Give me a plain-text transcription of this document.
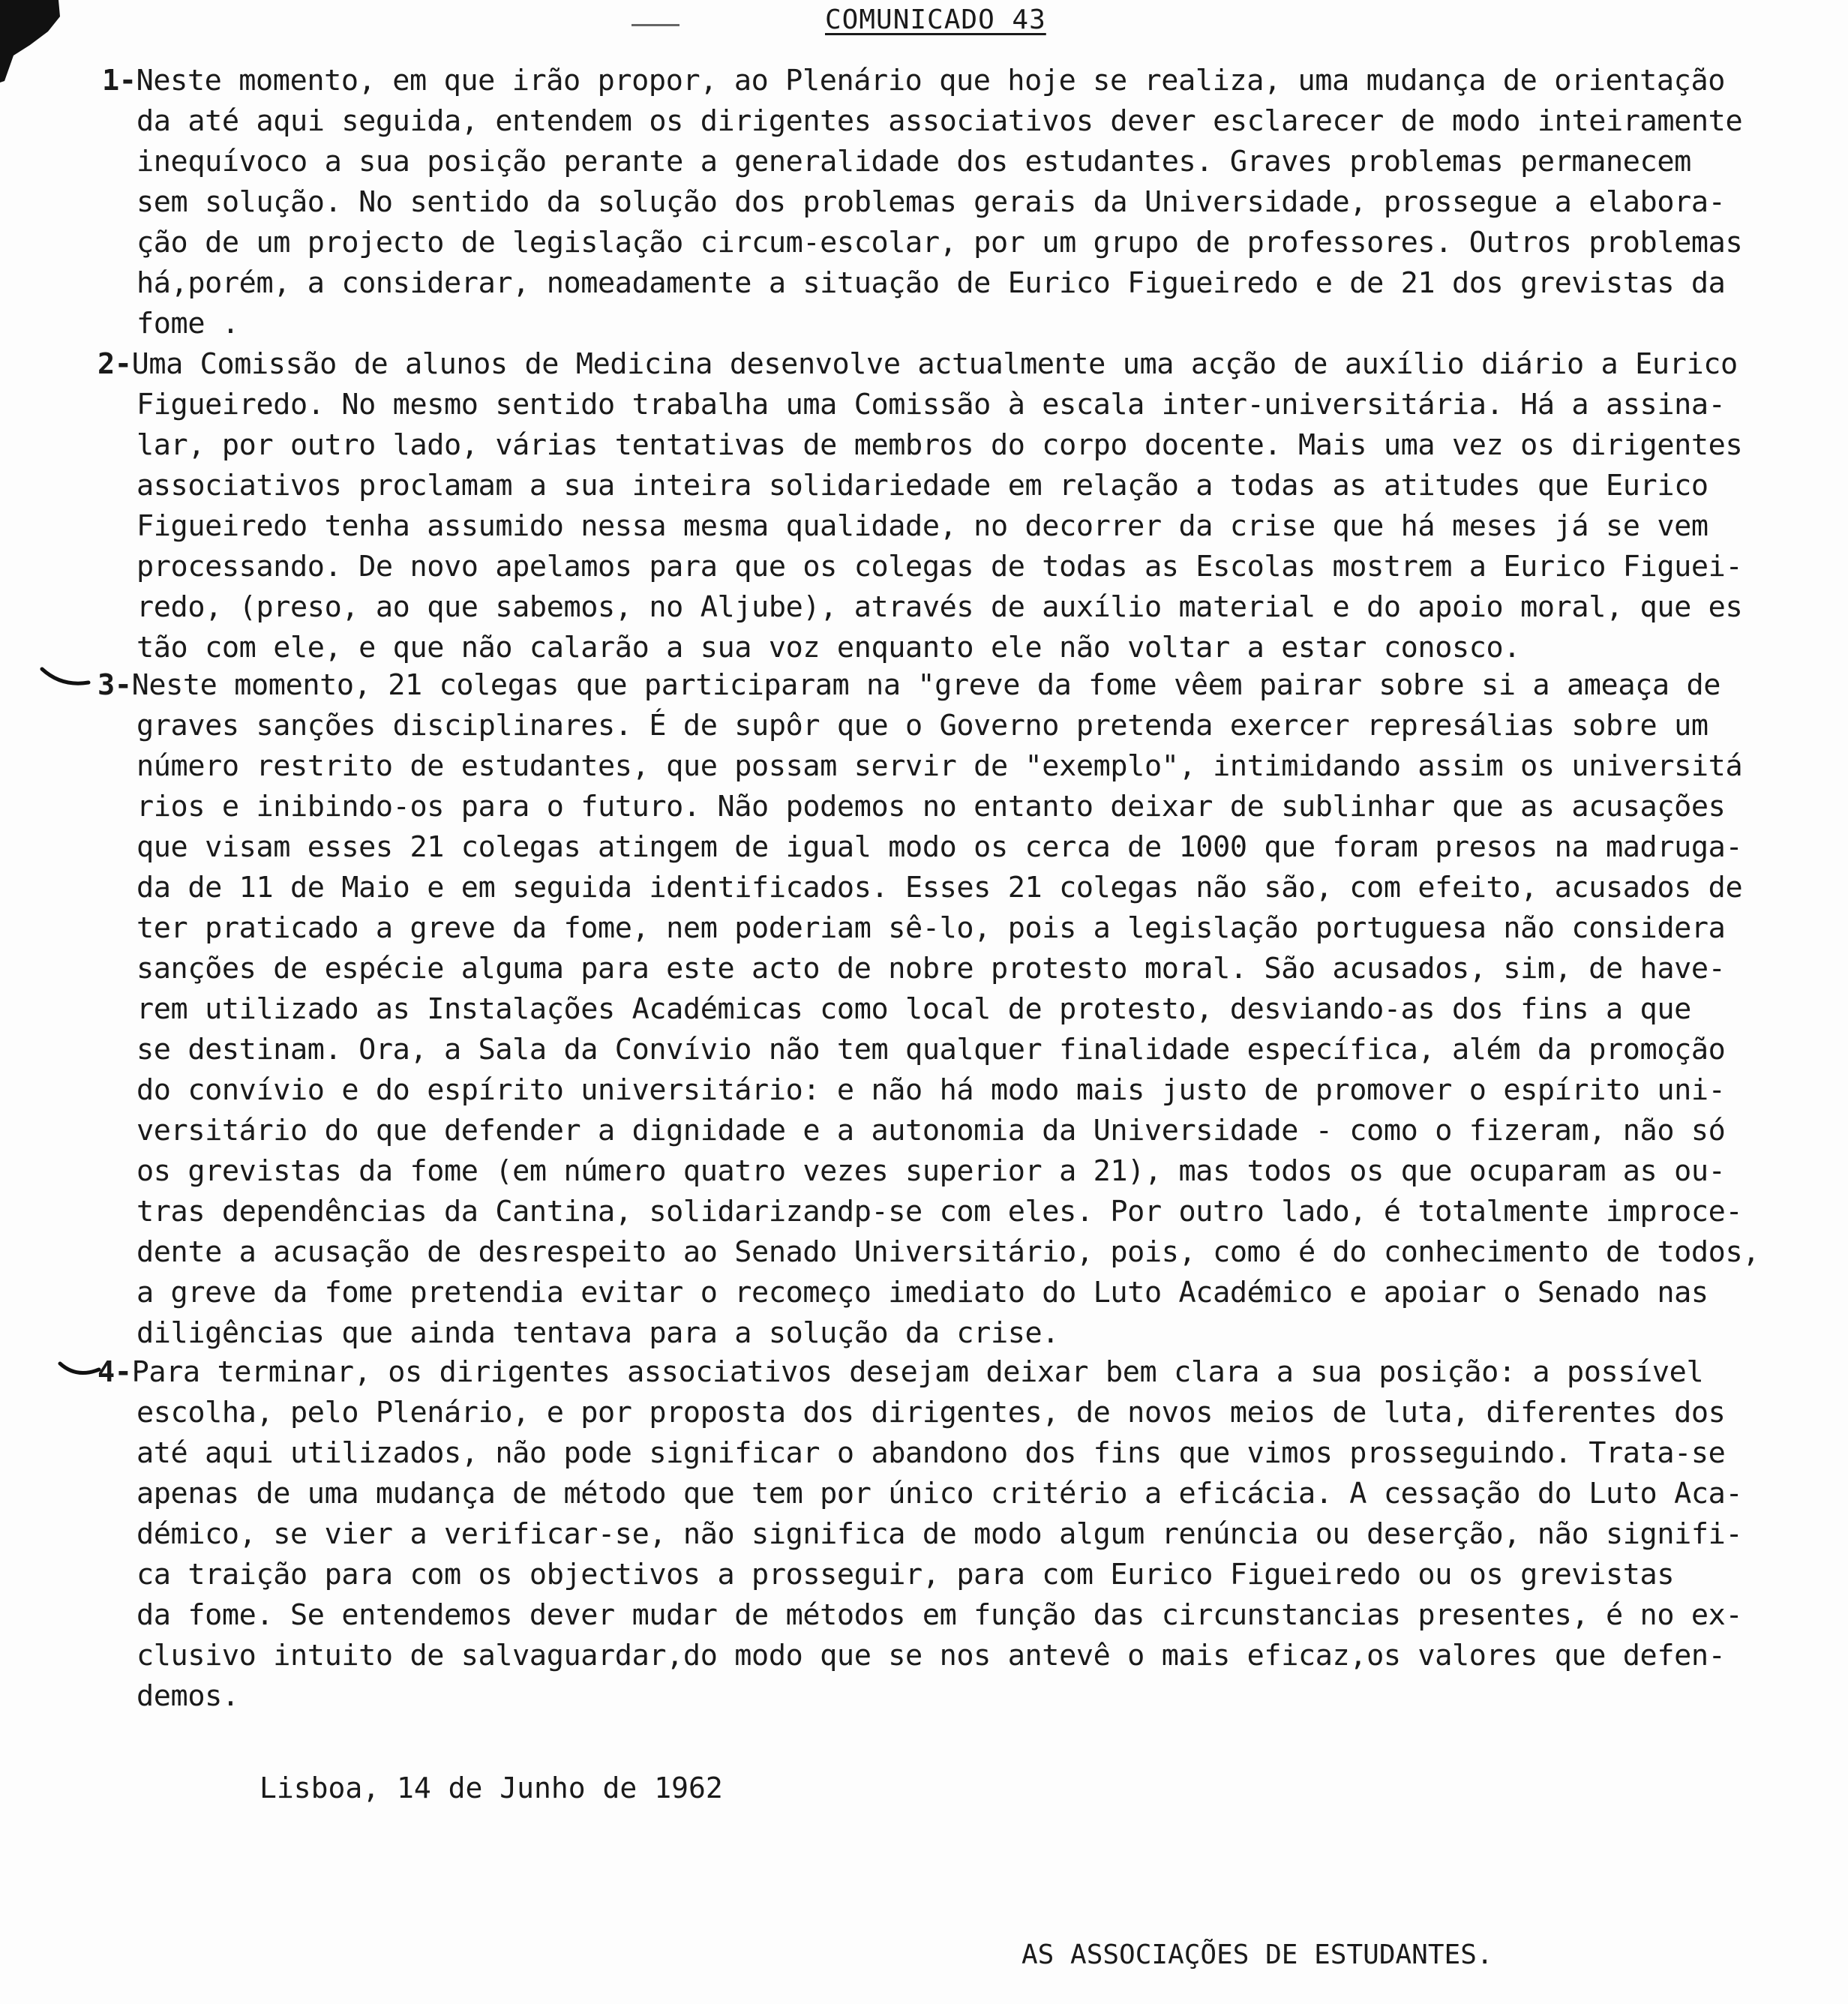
COMUNICADO 43
1-Neste momento, em que irão propor, ao Plenário que hoje se realiza, uma mudança de orientação
da até aqui seguida, entendem os dirigentes associativos dever esclarecer de modo inteiramente
inequívoco a sua posição perante a generalidade dos estudantes. Graves problemas permanecem
sem solução. No sentido da solução dos problemas gerais da Universidade, prossegue a elabora-
ção de um projecto de legislação circum-escolar, por um grupo de professores. Outros problemas
há,porém, a considerar, nomeadamente a situação de Eurico Figueiredo e de 21 dos grevistas da
fome .
2-Uma Comissão de alunos de Medicina desenvolve actualmente uma acção de auxílio diário a Eurico
Figueiredo. No mesmo sentido trabalha uma Comissão à escala inter-universitária. Há a assina-
lar, por outro lado, várias tentativas de membros do corpo docente. Mais uma vez os dirigentes
associativos proclamam a sua inteira solidariedade em relação a todas as atitudes que Eurico
Figueiredo tenha assumido nessa mesma qualidade, no decorrer da crise que há meses já se vem
processando. De novo apelamos para que os colegas de todas as Escolas mostrem a Eurico Figuei-
redo, (preso, ao que sabemos, no Aljube), através de auxílio material e do apoio moral, que es
tão com ele, e que não calarão a sua voz enquanto ele não voltar a estar conosco.
3-Neste momento, 21 colegas que participaram na "greve da fome vêem pairar sobre si a ameaça de
graves sanções disciplinares. É de supôr que o Governo pretenda exercer represálias sobre um
número restrito de estudantes, que possam servir de "exemplo", intimidando assim os universitá
rios e inibindo-os para o futuro. Não podemos no entanto deixar de sublinhar que as acusações
que visam esses 21 colegas atingem de igual modo os cerca de 1000 que foram presos na madruga-
da de 11 de Maio e em seguida identificados. Esses 21 colegas não são, com efeito, acusados de
ter praticado a greve da fome, nem poderiam sê-lo, pois a legislação portuguesa não considera
sanções de espécie alguma para este acto de nobre protesto moral. São acusados, sim, de have-
rem utilizado as Instalações Académicas como local de protesto, desviando-as dos fins a que
se destinam. Ora, a Sala da Convívio não tem qualquer finalidade específica, além da promoção
do convívio e do espírito universitário: e não há modo mais justo de promover o espírito uni-
versitário do que defender a dignidade e a autonomia da Universidade - como o fizeram, não só
os grevistas da fome (em número quatro vezes superior a 21), mas todos os que ocuparam as ou-
tras dependências da Cantina, solidarizandp-se com eles. Por outro lado, é totalmente improce-
dente a acusação de desrespeito ao Senado Universitário, pois, como é do conhecimento de todos,
a greve da fome pretendia evitar o recomeço imediato do Luto Académico e apoiar o Senado nas
diligências que ainda tentava para a solução da crise.
4-Para terminar, os dirigentes associativos desejam deixar bem clara a sua posição: a possível
escolha, pelo Plenário, e por proposta dos dirigentes, de novos meios de luta, diferentes dos
até aqui utilizados, não pode significar o abandono dos fins que vimos prosseguindo. Trata-se
apenas de uma mudança de método que tem por único critério a eficácia. A cessação do Luto Aca-
démico, se vier a verificar-se, não significa de modo algum renúncia ou deserção, não signifi-
ca traição para com os objectivos a prosseguir, para com Eurico Figueiredo ou os grevistas
da fome. Se entendemos dever mudar de métodos em função das circunstancias presentes, é no ex-
clusivo intuito de salvaguardar,do modo que se nos antevê o mais eficaz,os valores que defen-
demos.
Lisboa, 14 de Junho de 1962
AS ASSOCIAÇÕES DE ESTUDANTES.
